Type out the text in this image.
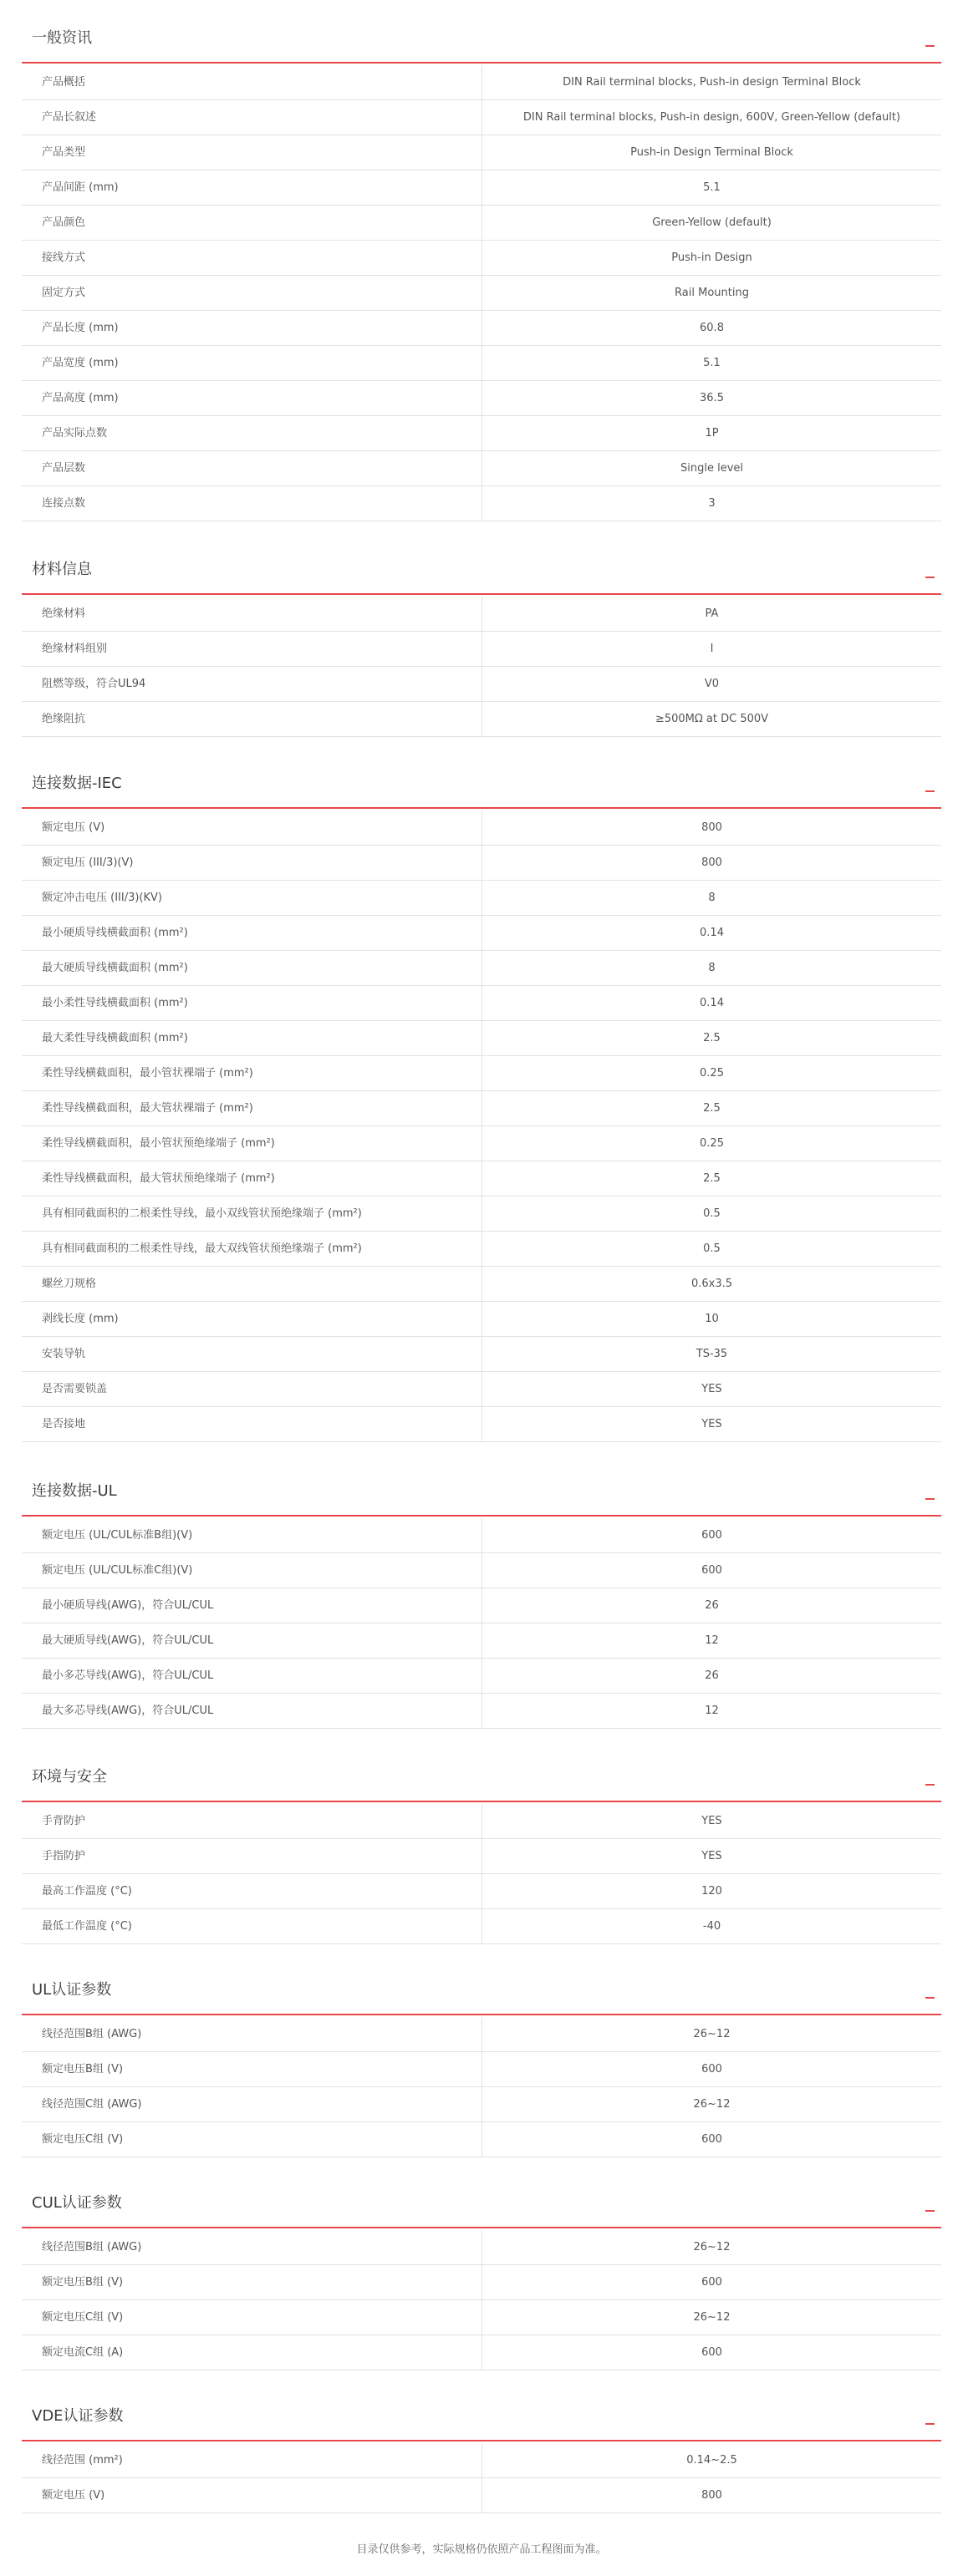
一般资讯
产品概括	DIN Rail terminal blocks, Push-in design Terminal Block
产品长叙述	DIN Rail terminal blocks, Push-in design, 600V, Green-Yellow (default)
产品类型	Push-in Design Terminal Block
产品间距 (mm)	5.1
产品颜色	Green-Yellow (default)
接线方式	Push-in Design
固定方式	Rail Mounting
产品长度 (mm)	60.8
产品宽度 (mm)	5.1
产品高度 (mm)	36.5
产品实际点数	1P
产品层数	Single level
连接点数	3
材料信息
绝缘材料	PA
绝缘材料组别	I
阻燃等级，符合UL94	V0
绝缘阻抗	≥500MΩ at DC 500V
连接数据-IEC
额定电压 (V)	800
额定电压 (III/3)(V)	800
额定冲击电压 (III/3)(KV)	8
最小硬质导线横截面积 (mm²)	0.14
最大硬质导线横截面积 (mm²)	8
最小柔性导线横截面积 (mm²)	0.14
最大柔性导线横截面积 (mm²)	2.5
柔性导线横截面积，最小管状裸端子 (mm²)	0.25
柔性导线横截面积，最大管状裸端子 (mm²)	2.5
柔性导线横截面积，最小管状预绝缘端子 (mm²)	0.25
柔性导线横截面积，最大管状预绝缘端子 (mm²)	2.5
具有相同截面积的二根柔性导线，最小双线管状预绝缘端子 (mm²)	0.5
具有相同截面积的二根柔性导线，最大双线管状预绝缘端子 (mm²)	0.5
螺丝刀规格	0.6x3.5
剥线长度 (mm)	10
安装导轨	TS-35
是否需要锁盖	YES
是否接地	YES
连接数据-UL
额定电压 (UL/CUL标准B组)(V)	600
额定电压 (UL/CUL标准C组)(V)	600
最小硬质导线(AWG)，符合UL/CUL	26
最大硬质导线(AWG)，符合UL/CUL	12
最小多芯导线(AWG)，符合UL/CUL	26
最大多芯导线(AWG)，符合UL/CUL	12
环境与安全
手背防护	YES
手指防护	YES
最高工作温度 (°C)	120
最低工作温度 (°C)	-40
UL认证参数
线径范围B组 (AWG)	26~12
额定电压B组 (V)	600
线径范围C组 (AWG)	26~12
额定电压C组 (V)	600
CUL认证参数
线径范围B组 (AWG)	26~12
额定电压B组 (V)	600
额定电压C组 (V)	26~12
额定电流C组 (A)	600
VDE认证参数
线径范围 (mm²)	0.14~2.5
额定电压 (V)	800
目录仅供参考，实际规格仍依照产品工程图面为准。
